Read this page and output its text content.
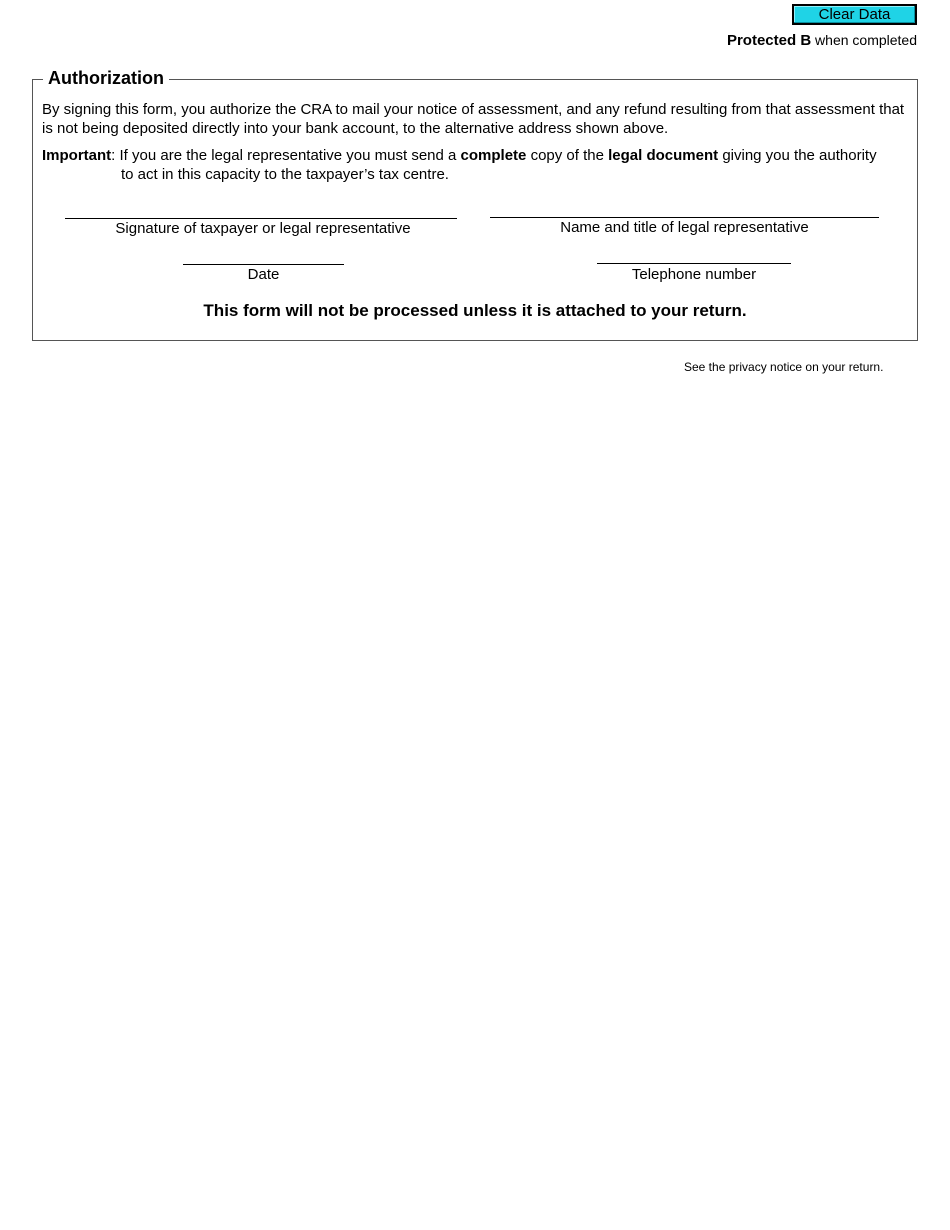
Clear Data
Protected B when completed
Authorization
By signing this form, you authorize the CRA to mail your notice of assessment, and any refund resulting from that assessment that is not being deposited directly into your bank account, to the alternative address shown above.
Important: If you are the legal representative you must send a complete copy of the legal document giving you the authority
to act in this capacity to the taxpayer’s tax centre.
Signature of taxpayer or legal representative	Name and title of legal representative
Date	Telephone number
This form will not be processed unless it is attached to your return.
See the privacy notice on your return.
